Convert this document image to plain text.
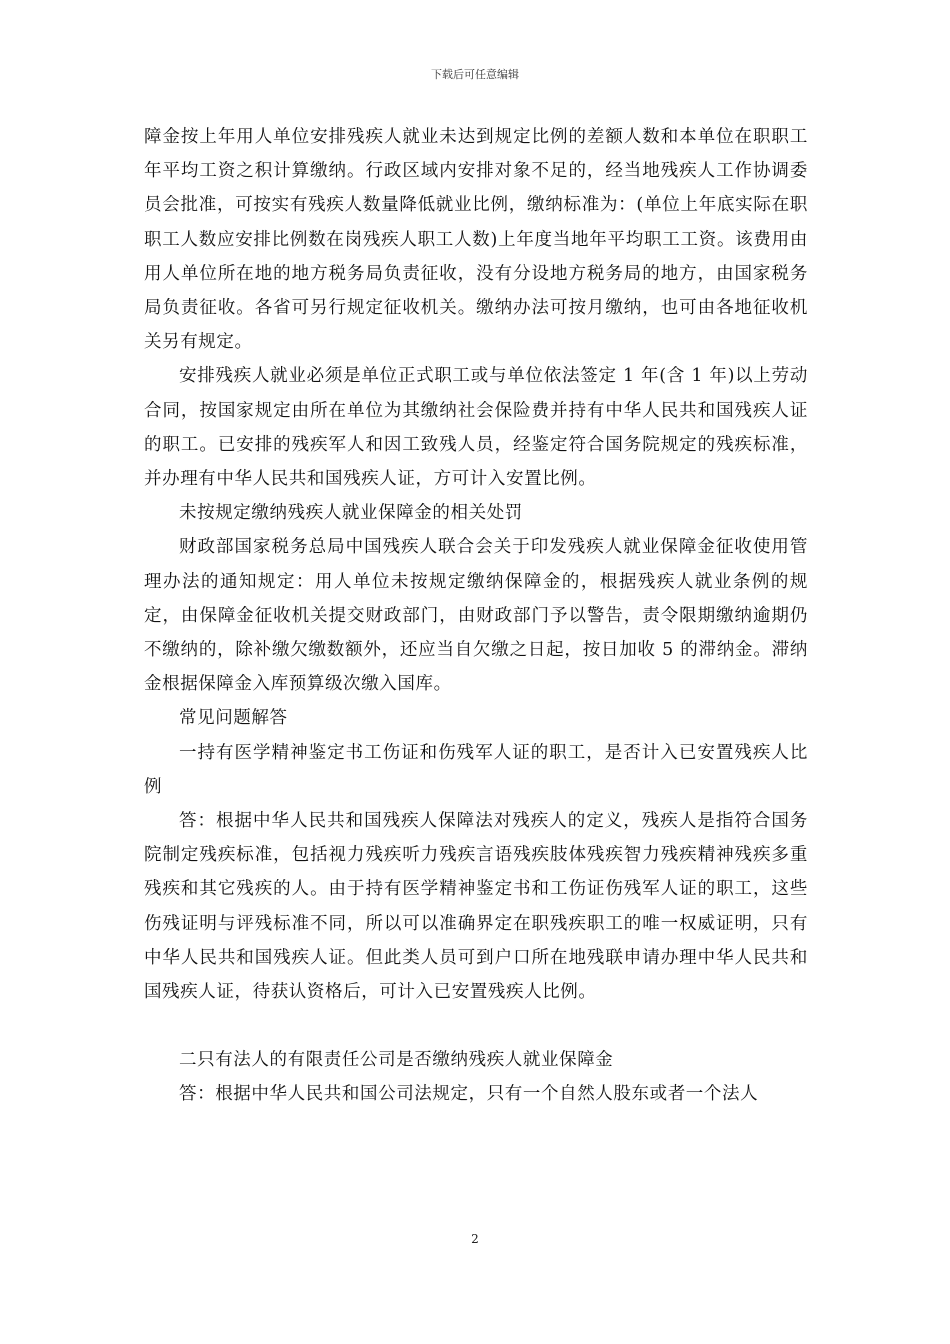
下载后可任意编辑

障金按上年用人单位安排残疾人就业未达到规定比例的差额人数和本单位在职职工年平均工资之积计算缴纳。行政区域内安排对象不足的，经当地残疾人工作协调委员会批准，可按实有残疾人数量降低就业比例，缴纳标准为：(单位上年底实际在职职工人数应安排比例数在岗残疾人职工人数)上年度当地年平均职工工资。该费用由用人单位所在地的地方税务局负责征收，没有分设地方税务局的地方，由国家税务局负责征收。各省可另行规定征收机关。缴纳办法可按月缴纳，也可由各地征收机关另有规定。

安排残疾人就业必须是单位正式职工或与单位依法签定 1 年(含 1 年)以上劳动合同，按国家规定由所在单位为其缴纳社会保险费并持有中华人民共和国残疾人证的职工。已安排的残疾军人和因工致残人员，经鉴定符合国务院规定的残疾标准，并办理有中华人民共和国残疾人证，方可计入安置比例。

未按规定缴纳残疾人就业保障金的相关处罚

财政部国家税务总局中国残疾人联合会关于印发残疾人就业保障金征收使用管理办法的通知规定：用人单位未按规定缴纳保障金的，根据残疾人就业条例的规定，由保障金征收机关提交财政部门，由财政部门予以警告，责令限期缴纳逾期仍不缴纳的，除补缴欠缴数额外，还应当自欠缴之日起，按日加收 5 的滞纳金。滞纳金根据保障金入库预算级次缴入国库。

常见问题解答

一持有医学精神鉴定书工伤证和伤残军人证的职工，是否计入已安置残疾人比例

答：根据中华人民共和国残疾人保障法对残疾人的定义，残疾人是指符合国务院制定残疾标准，包括视力残疾听力残疾言语残疾肢体残疾智力残疾精神残疾多重残疾和其它残疾的人。由于持有医学精神鉴定书和工伤证伤残军人证的职工，这些伤残证明与评残标准不同，所以可以准确界定在职残疾职工的唯一权威证明，只有中华人民共和国残疾人证。但此类人员可到户口所在地残联申请办理中华人民共和国残疾人证，待获认资格后，可计入已安置残疾人比例。

二只有法人的有限责任公司是否缴纳残疾人就业保障金

答：根据中华人民共和国公司法规定，只有一个自然人股东或者一个法人

2
